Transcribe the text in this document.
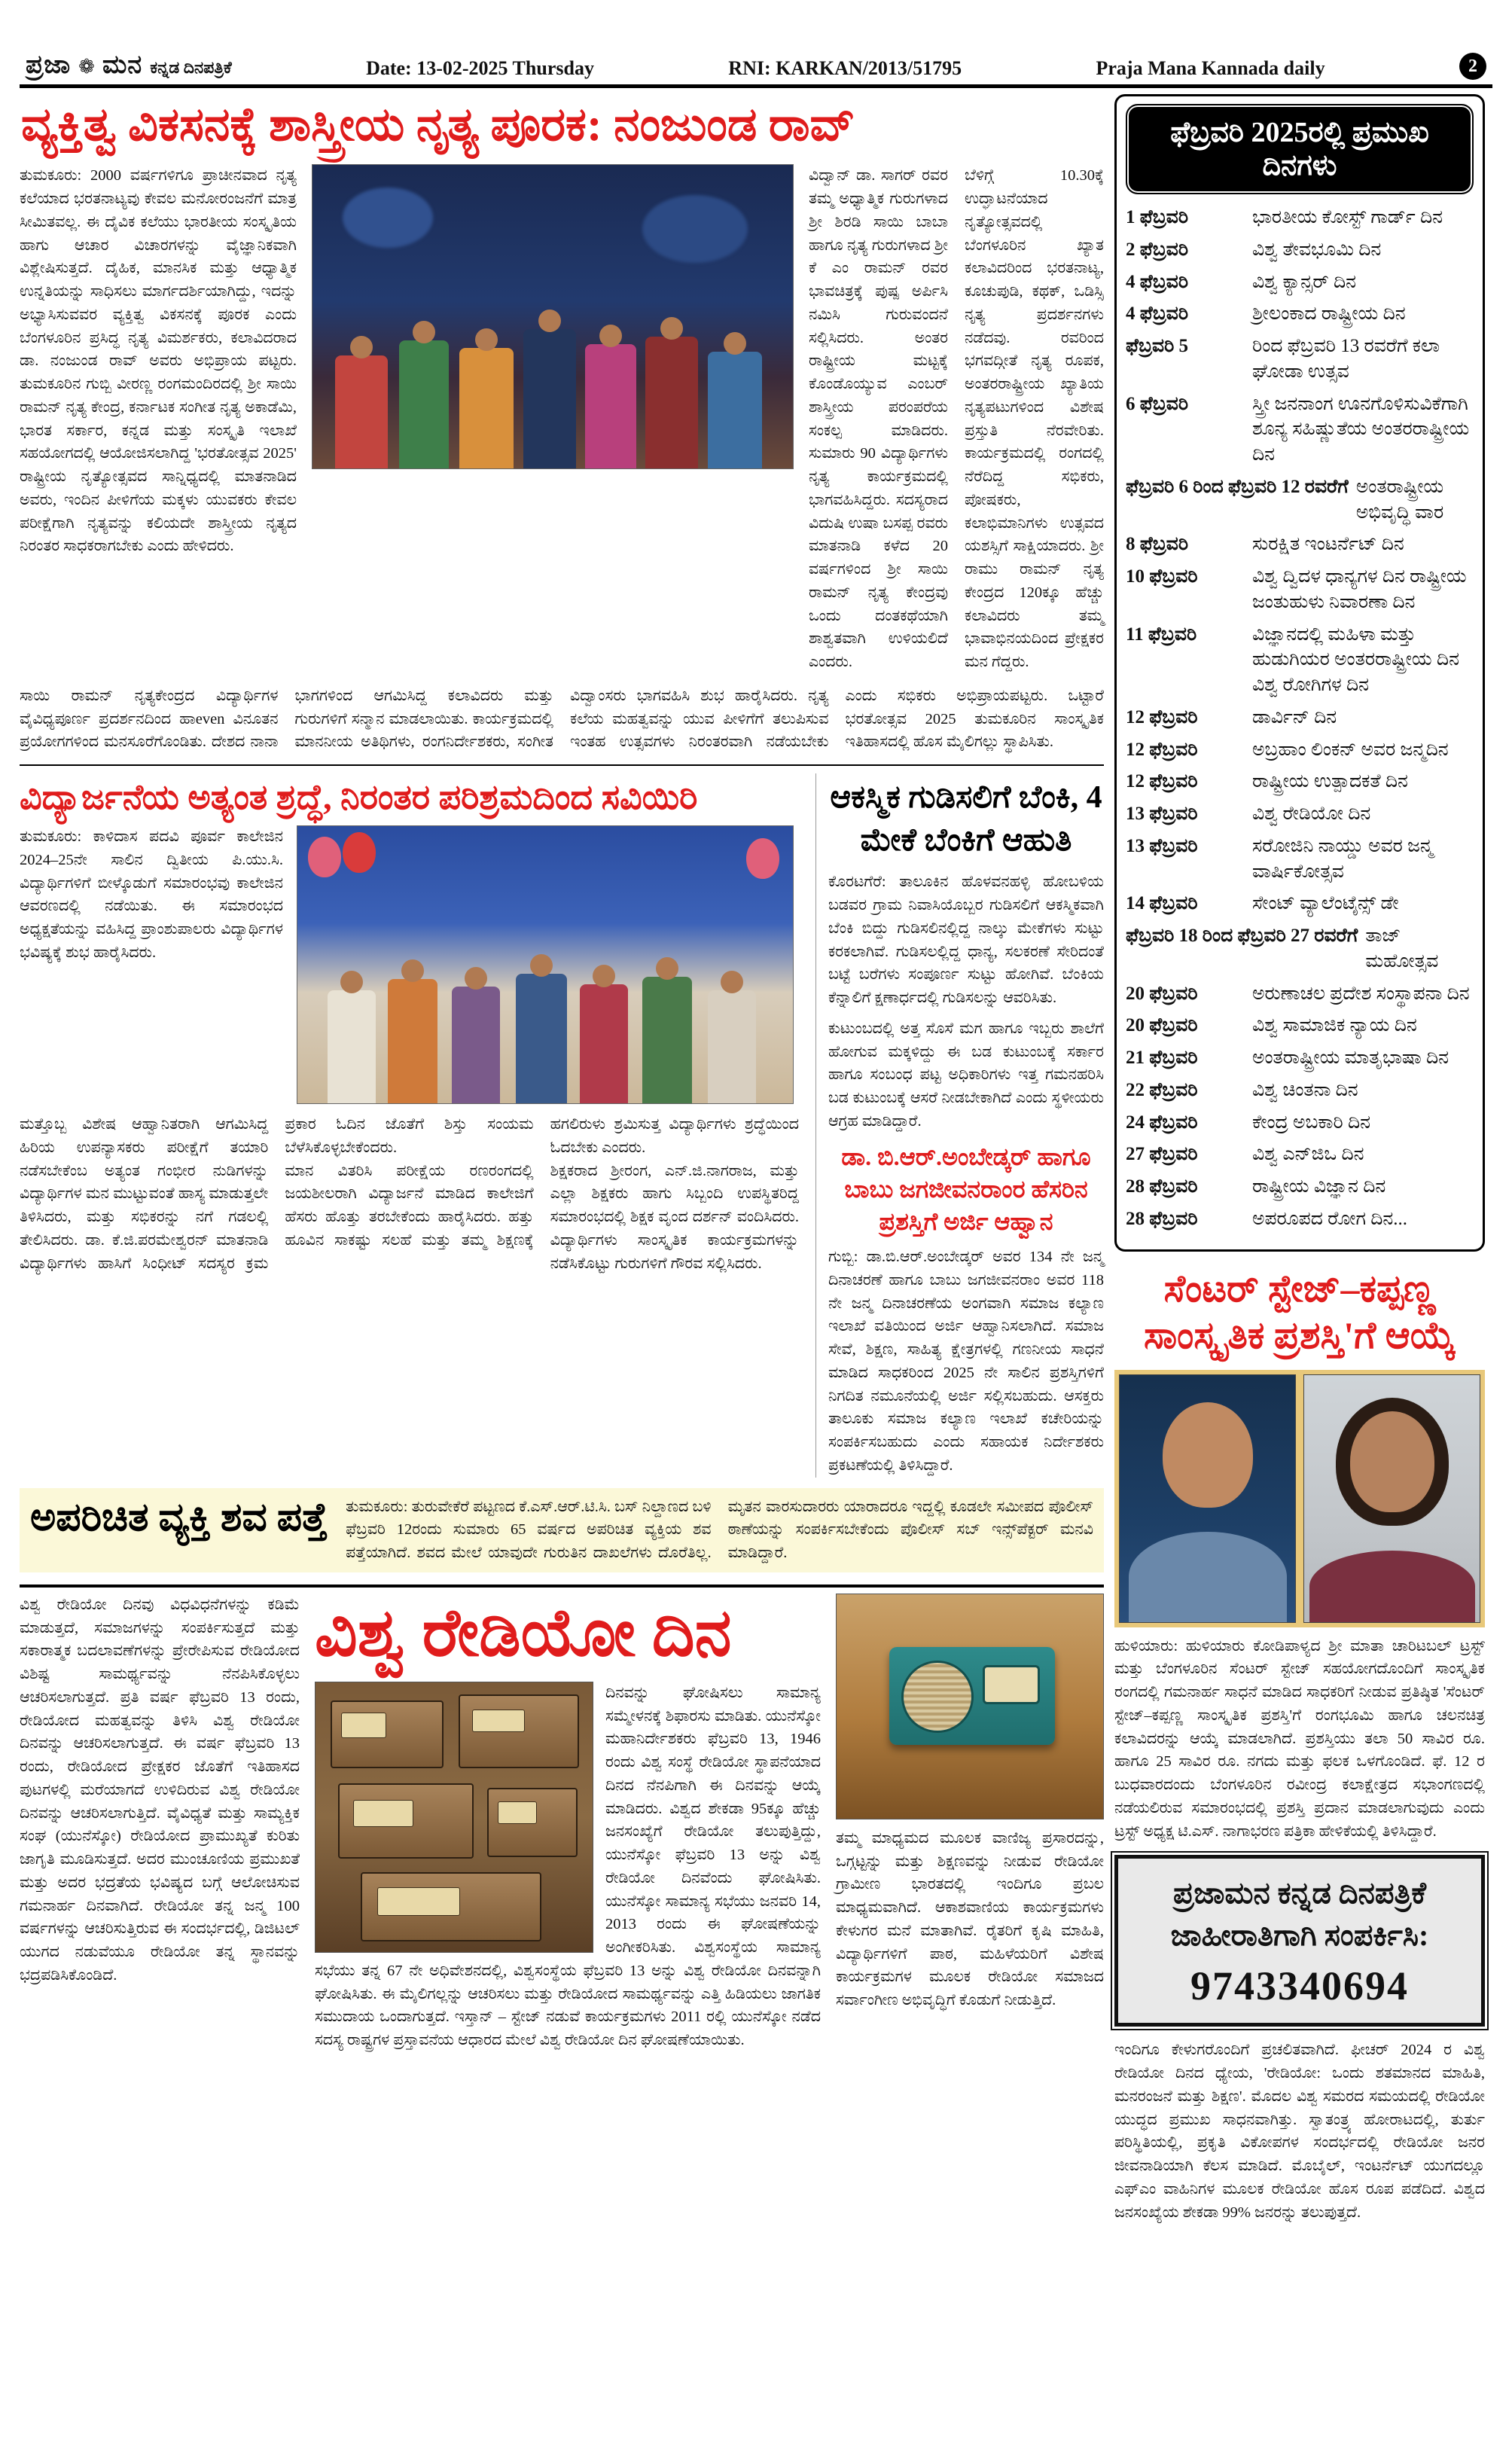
ಪ್ರಜಾ ❁ ಮನ ಕನ್ನಡ ದಿನಪತ್ರಿಕೆ	Date: 13-02-2025 Thursday	RNI: KARKAN/2013/51795	Praja Mana Kannada daily	2
ವ್ಯಕ್ತಿತ್ವ ವಿಕಸನಕ್ಕೆ ಶಾಸ್ತ್ರೀಯ ನೃತ್ಯ ಪೂರಕ: ನಂಜುಂಡ ರಾವ್
ತುಮಕೂರು: 2000 ವರ್ಷಗಳಿಗೂ ಪ್ರಾಚೀನವಾದ ನೃತ್ಯ ಕಲೆಯಾದ ಭರತನಾಟ್ಯವು ಕೇವಲ ಮನೋರಂಜನೆಗೆ ಮಾತ್ರ ಸೀಮಿತವಲ್ಲ. ಈ ದೈವಿಕ ಕಲೆಯು ಭಾರತೀಯ ಸಂಸ್ಕೃತಿಯ ಹಾಗು ಆಚಾರ ವಿಚಾರಗಳನ್ನು ವೈಜ್ಞಾನಿಕವಾಗಿ ವಿಶ್ಲೇಷಿಸುತ್ತದೆ. ದೈಹಿಕ, ಮಾನಸಿಕ ಮತ್ತು ಆಧ್ಯಾತ್ಮಿಕ ಉನ್ನತಿಯನ್ನು ಸಾಧಿಸಲು ಮಾರ್ಗದರ್ಶಿಯಾಗಿದ್ದು, ಇದನ್ನು ಅಭ್ಯಾಸಿಸುವವರ ವ್ಯಕ್ತಿತ್ವ ವಿಕಸನಕ್ಕೆ ಪೂರಕ ಎಂದು ಬೆಂಗಳೂರಿನ ಪ್ರಸಿದ್ಧ ನೃತ್ಯ ವಿಮರ್ಶಕರು, ಕಲಾವಿದರಾದ ಡಾ. ನಂಜುಂಡ ರಾವ್ ಅವರು ಅಭಿಪ್ರಾಯ ಪಟ್ಟರು. ತುಮಕೂರಿನ ಗುಬ್ಬಿ ವೀರಣ್ಣ ರಂಗಮಂದಿರದಲ್ಲಿ ಶ್ರೀ ಸಾಯಿ ರಾಮನ್ ನೃತ್ಯ ಕೇಂದ್ರ, ಕರ್ನಾಟಕ ಸಂಗೀತ ನೃತ್ಯ ಅಕಾಡೆಮಿ, ಭಾರತ ಸರ್ಕಾರ, ಕನ್ನಡ ಮತ್ತು ಸಂಸ್ಕೃತಿ ಇಲಾಖೆ ಸಹಯೋಗದಲ್ಲಿ ಆಯೋಜಿಸಲಾಗಿದ್ದ 'ಭರತೋತ್ಸವ 2025' ರಾಷ್ಟ್ರೀಯ ನೃತ್ಯೋತ್ಸವದ ಸಾನ್ನಿಧ್ಯದಲ್ಲಿ ಮಾತನಾಡಿದ ಅವರು, ಇಂದಿನ ಪೀಳಿಗೆಯ ಮಕ್ಕಳು ಯುವಕರು ಕೇವಲ ಪರೀಕ್ಷೆಗಾಗಿ ನೃತ್ಯವನ್ನು ಕಲಿಯದೇ ಶಾಸ್ತ್ರೀಯ ನೃತ್ಯದ ನಿರಂತರ ಸಾಧಕರಾಗಬೇಕು ಎಂದು ಹೇಳಿದರು.

ವಿದ್ವಾನ್ ಡಾ. ಸಾಗರ್ ರವರ ತಮ್ಮ ಅಧ್ಯಾತ್ಮಿಕ ಗುರುಗಳಾದ ಶ್ರೀ ಶಿರಡಿ ಸಾಯಿ ಬಾಬಾ ಹಾಗೂ ನೃತ್ಯ ಗುರುಗಳಾದ ಶ್ರೀ ಕೆ ಎಂ ರಾಮನ್ ರವರ ಭಾವಚಿತ್ರಕ್ಕೆ ಪುಷ್ಪ ಅರ್ಪಿಸಿ ನಮಿಸಿ ಗುರುವಂದನೆ ಸಲ್ಲಿಸಿದರು. ಅಂತರ ರಾಷ್ಟ್ರೀಯ ಮಟ್ಟಕ್ಕೆ ಕೊಂಡೊಯ್ಯುವ ಎಂಬರ್ ಶಾಸ್ತ್ರೀಯ ಪರಂಪರೆಯ ಸಂಕಲ್ಪ ಮಾಡಿದರು. ಸುಮಾರು 90 ವಿದ್ಯಾರ್ಥಿಗಳು ನೃತ್ಯ ಕಾರ್ಯಕ್ರಮದಲ್ಲಿ ಭಾಗವಹಿಸಿದ್ದರು. ಸದಸ್ಯರಾದ ವಿದುಷಿ ಉಷಾ ಬಸಪ್ಪ ರವರು ಮಾತನಾಡಿ ಕಳೆದ 20 ವರ್ಷಗಳಿಂದ ಶ್ರೀ ಸಾಯಿ ರಾಮನ್ ನೃತ್ಯ ಕೇಂದ್ರವು ಒಂದು ದಂತಕಥೆಯಾಗಿ ಶಾಶ್ವತವಾಗಿ ಉಳಿಯಲಿದೆ ಎಂದರು.

ಬೆಳಿಗ್ಗೆ 10.30ಕ್ಕೆ ಉದ್ಘಾಟನೆಯಾದ ನೃತ್ಯೋತ್ಸವದಲ್ಲಿ ಬೆಂಗಳೂರಿನ ಖ್ಯಾತ ಕಲಾವಿದರಿಂದ ಭರತನಾಟ್ಯ, ಕೂಚುಪುಡಿ, ಕಥಕ್, ಒಡಿಸ್ಸಿ ನೃತ್ಯ ಪ್ರದರ್ಶನಗಳು ನಡೆದವು. ರವರಿಂದ ಭಗವದ್ಗೀತೆ ನೃತ್ಯ ರೂಪಕ, ಅಂತರರಾಷ್ಟ್ರೀಯ ಖ್ಯಾತಿಯ ನೃತ್ಯಪಟುಗಳಿಂದ ವಿಶೇಷ ಪ್ರಸ್ತುತಿ ನೆರವೇರಿತು. ಕಾರ್ಯಕ್ರಮದಲ್ಲಿ ರಂಗದಲ್ಲಿ ನೆರೆದಿದ್ದ ಸಭಿಕರು, ಪೋಷಕರು, ಕಲಾಭಿಮಾನಿಗಳು ಉತ್ಸವದ ಯಶಸ್ಸಿಗೆ ಸಾಕ್ಷಿಯಾದರು. ಶ್ರೀ ರಾಮು ರಾಮನ್ ನೃತ್ಯ ಕೇಂದ್ರದ 120ಕ್ಕೂ ಹೆಚ್ಚು ಕಲಾವಿದರು ತಮ್ಮ ಭಾವಾಭಿನಯದಿಂದ ಪ್ರೇಕ್ಷಕರ ಮನ ಗೆದ್ದರು.

ಸಾಯಿ ರಾಮನ್ ನೃತ್ಯಕೇಂದ್ರದ ವಿದ್ಯಾರ್ಥಿಗಳ ವೈವಿಧ್ಯಪೂರ್ಣ ಪ್ರದರ್ಶನದಿಂದ ಹಾeven ವಿನೂತನ ಪ್ರಯೋಗಗಳಿಂದ ಮನಸೂರೆಗೊಂಡಿತು. ದೇಶದ ನಾನಾ ಭಾಗಗಳಿಂದ ಆಗಮಿಸಿದ್ದ ಕಲಾವಿದರು ಮತ್ತು ಗುರುಗಳಿಗೆ ಸನ್ಮಾನ ಮಾಡಲಾಯಿತು. ಕಾರ್ಯಕ್ರಮದಲ್ಲಿ ಮಾನನೀಯ ಅತಿಥಿಗಳು, ರಂಗನಿರ್ದೇಶಕರು, ಸಂಗೀತ ವಿದ್ವಾಂಸರು ಭಾಗವಹಿಸಿ ಶುಭ ಹಾರೈಸಿದರು. ನೃತ್ಯ ಕಲೆಯ ಮಹತ್ವವನ್ನು ಯುವ ಪೀಳಿಗೆಗೆ ತಲುಪಿಸುವ ಇಂತಹ ಉತ್ಸವಗಳು ನಿರಂತರವಾಗಿ ನಡೆಯಬೇಕು ಎಂದು ಸಭಿಕರು ಅಭಿಪ್ರಾಯಪಟ್ಟರು. ಒಟ್ಟಾರೆ ಭರತೋತ್ಸವ 2025 ತುಮಕೂರಿನ ಸಾಂಸ್ಕೃತಿಕ ಇತಿಹಾಸದಲ್ಲಿ ಹೊಸ ಮೈಲಿಗಲ್ಲು ಸ್ಥಾಪಿಸಿತು.
ವಿದ್ಯಾರ್ಜನೆಯ ಅತ್ಯಂತ ಶ್ರದ್ಧೆ, ನಿರಂತರ ಪರಿಶ್ರಮದಿಂದ ಸವಿಯಿರಿ
ತುಮಕೂರು: ಕಾಳಿದಾಸ ಪದವಿ ಪೂರ್ವ ಕಾಲೇಜಿನ 2024–25ನೇ ಸಾಲಿನ ದ್ವಿತೀಯ ಪಿ.ಯು.ಸಿ. ವಿದ್ಯಾರ್ಥಿಗಳಿಗೆ ಬೀಳ್ಕೊಡುಗೆ ಸಮಾರಂಭವು ಕಾಲೇಜಿನ ಆವರಣದಲ್ಲಿ ನಡೆಯಿತು. ಈ ಸಮಾರಂಭದ ಅಧ್ಯಕ್ಷತೆಯನ್ನು ವಹಿಸಿದ್ದ ಪ್ರಾಂಶುಪಾಲರು ವಿದ್ಯಾರ್ಥಿಗಳ ಭವಿಷ್ಯಕ್ಕೆ ಶುಭ ಹಾರೈಸಿದರು.

ಮತ್ತೊಬ್ಬ ವಿಶೇಷ ಆಹ್ವಾನಿತರಾಗಿ ಆಗಮಿಸಿದ್ದ ಹಿರಿಯ ಉಪನ್ಯಾಸಕರು ಪರೀಕ್ಷೆಗೆ ತಯಾರಿ ನಡೆಸಬೇಕೆಂಬ ಅತ್ಯಂತ ಗಂಭೀರ ನುಡಿಗಳನ್ನು ವಿದ್ಯಾರ್ಥಿಗಳ ಮನ ಮುಟ್ಟುವಂತೆ ಹಾಸ್ಯ ಮಾಡುತ್ತಲೇ ತಿಳಿಸಿದರು, ಮತ್ತು ಸಭಿಕರನ್ನು ನಗೆ ಗಡಲಲ್ಲಿ ತೇಲಿಸಿದರು. ಡಾ. ಕೆ.ಜಿ.ಪರಮೇಶ್ವರನ್ ಮಾತನಾಡಿ ವಿದ್ಯಾರ್ಥಿಗಳು ಹಾಸಿಗೆ ಸಿಂಧೀಟ್ ಸದಸ್ಯರ ಕ್ರಮ ಪ್ರಕಾರ ಓದಿನ ಜೊತೆಗೆ ಶಿಸ್ತು ಸಂಯಮ ಬೆಳೆಸಿಕೊಳ್ಳಬೇಕೆಂದರು.

ಮಾನ ವಿತರಿಸಿ ಪರೀಕ್ಷೆಯ ರಣರಂಗದಲ್ಲಿ ಜಯಶೀಲರಾಗಿ ವಿದ್ಯಾರ್ಜನೆ ಮಾಡಿದ ಕಾಲೇಜಿಗೆ ಹೆಸರು ಹೊತ್ತು ತರಬೇಕೆಂದು ಹಾರೈಸಿದರು. ಹತ್ತು ಹೂವಿನ ಸಾಕಷ್ಟು ಸಲಹೆ ಮತ್ತು ತಮ್ಮ ಶಿಕ್ಷಣಕ್ಕೆ ಹಗಲಿರುಳು ಶ್ರಮಿಸುತ್ತ ವಿದ್ಯಾರ್ಥಿಗಳು ಶ್ರದ್ಧೆಯಿಂದ ಓದಬೇಕು ಎಂದರು.

ಶಿಕ್ಷಕರಾದ ಶ್ರೀರಂಗ, ಎನ್.ಜಿ.ನಾಗರಾಜ, ಮತ್ತು ಎಲ್ಲಾ ಶಿಕ್ಷಕರು ಹಾಗು ಸಿಬ್ಬಂದಿ ಉಪಸ್ಥಿತರಿದ್ದ ಸಮಾರಂಭದಲ್ಲಿ ಶಿಕ್ಷಕ ವೃಂದ ದರ್ಶನ್ ವಂದಿಸಿದರು. ವಿದ್ಯಾರ್ಥಿಗಳು ಸಾಂಸ್ಕೃತಿಕ ಕಾರ್ಯಕ್ರಮಗಳನ್ನು ನಡೆಸಿಕೊಟ್ಟು ಗುರುಗಳಿಗೆ ಗೌರವ ಸಲ್ಲಿಸಿದರು.

ಆಕಸ್ಮಿಕ ಗುಡಿಸಲಿಗೆ ಬೆಂಕಿ, 4 ಮೇಕೆ ಬೆಂಕಿಗೆ ಆಹುತಿ

ಕೊರಟಗೆರೆ: ತಾಲೂಕಿನ ಹೊಳವನಹಳ್ಳಿ ಹೋಬಳಿಯ ಬಡವರ ಗ್ರಾಮ ನಿವಾಸಿಯೊಬ್ಬರ ಗುಡಿಸಲಿಗೆ ಆಕಸ್ಮಿಕವಾಗಿ ಬೆಂಕಿ ಬಿದ್ದು ಗುಡಿಸಲಿನಲ್ಲಿದ್ದ ನಾಲ್ಕು ಮೇಕೆಗಳು ಸುಟ್ಟು ಕರಕಲಾಗಿವೆ. ಗುಡಿಸಲಲ್ಲಿದ್ದ ಧಾನ್ಯ, ಸಲಕರಣೆ ಸೇರಿದಂತೆ ಬಟ್ಟೆ ಬರೆಗಳು ಸಂಪೂರ್ಣ ಸುಟ್ಟು ಹೋಗಿವೆ. ಬೆಂಕಿಯ ಕೆನ್ನಾಲಿಗೆ ಕ್ಷಣಾರ್ಧದಲ್ಲಿ ಗುಡಿಸಲನ್ನು ಆವರಿಸಿತು.

ಕುಟುಂಬದಲ್ಲಿ ಅತ್ತ ಸೊಸೆ ಮಗ ಹಾಗೂ ಇಬ್ಬರು ಶಾಲೆಗೆ ಹೋಗುವ ಮಕ್ಕಳಿದ್ದು ಈ ಬಡ ಕುಟುಂಬಕ್ಕೆ ಸರ್ಕಾರ ಹಾಗೂ ಸಂಬಂಧ ಪಟ್ಟ ಅಧಿಕಾರಿಗಳು ಇತ್ತ ಗಮನಹರಿಸಿ ಬಡ ಕುಟುಂಬಕ್ಕೆ ಆಸರೆ ನೀಡಬೇಕಾಗಿದೆ ಎಂದು ಸ್ಥಳೀಯರು ಆಗ್ರಹ ಮಾಡಿದ್ದಾರೆ.

ಡಾ. ಬಿ.ಆರ್.ಅಂಬೇಡ್ಕರ್ ಹಾಗೂ ಬಾಬು ಜಗಜೀವನರಾಂರ ಹೆಸರಿನ ಪ್ರಶಸ್ತಿಗೆ ಅರ್ಜಿ ಆಹ್ವಾನ

ಗುಬ್ಬಿ: ಡಾ.ಬಿ.ಆರ್.ಅಂಬೇಡ್ಕರ್ ಅವರ 134 ನೇ ಜನ್ಮ ದಿನಾಚರಣೆ ಹಾಗೂ ಬಾಬು ಜಗಜೀವನರಾಂ ಅವರ 118 ನೇ ಜನ್ಮ ದಿನಾಚರಣೆಯ ಅಂಗವಾಗಿ ಸಮಾಜ ಕಲ್ಯಾಣ ಇಲಾಖೆ ವತಿಯಿಂದ ಅರ್ಜಿ ಆಹ್ವಾನಿಸಲಾಗಿದೆ. ಸಮಾಜ ಸೇವೆ, ಶಿಕ್ಷಣ, ಸಾಹಿತ್ಯ ಕ್ಷೇತ್ರಗಳಲ್ಲಿ ಗಣನೀಯ ಸಾಧನೆ ಮಾಡಿದ ಸಾಧಕರಿಂದ 2025 ನೇ ಸಾಲಿನ ಪ್ರಶಸ್ತಿಗಳಿಗೆ ನಿಗದಿತ ನಮೂನೆಯಲ್ಲಿ ಅರ್ಜಿ ಸಲ್ಲಿಸಬಹುದು. ಆಸಕ್ತರು ತಾಲೂಕು ಸಮಾಜ ಕಲ್ಯಾಣ ಇಲಾಖೆ ಕಚೇರಿಯನ್ನು ಸಂಪರ್ಕಿಸಬಹುದು ಎಂದು ಸಹಾಯಕ ನಿರ್ದೇಶಕರು ಪ್ರಕಟಣೆಯಲ್ಲಿ ತಿಳಿಸಿದ್ದಾರೆ.

ಅಪರಿಚಿತ ವ್ಯಕ್ತಿ ಶವ ಪತ್ತೆ ತುಮಕೂರು: ತುರುವೇಕೆರೆ ಪಟ್ಟಣದ ಕೆ.ಎಸ್.ಆರ್.ಟಿ.ಸಿ. ಬಸ್ ನಿಲ್ದಾಣದ ಬಳಿ ಫೆಬ್ರವರಿ 12ರಂದು ಸುಮಾರು 65 ವರ್ಷದ ಅಪರಿಚಿತ ವ್ಯಕ್ತಿಯ ಶವ ಪತ್ತೆಯಾಗಿದೆ. ಶವದ ಮೇಲೆ ಯಾವುದೇ ಗುರುತಿನ ದಾಖಲೆಗಳು ದೊರೆತಿಲ್ಲ. ಮೃತನ ವಾರಸುದಾರರು ಯಾರಾದರೂ ಇದ್ದಲ್ಲಿ ಕೂಡಲೇ ಸಮೀಪದ ಪೊಲೀಸ್ ಠಾಣೆಯನ್ನು ಸಂಪರ್ಕಿಸಬೇಕೆಂದು ಪೊಲೀಸ್ ಸಬ್ ಇನ್ಸ್‌ಪೆಕ್ಟರ್ ಮನವಿ ಮಾಡಿದ್ದಾರೆ.
ವಿಶ್ವ ರೇಡಿಯೋ ದಿನವು ವಿಧವಿಧನೆಗಳನ್ನು ಕಡಿಮೆ ಮಾಡುತ್ತದೆ, ಸಮಾಜಗಳನ್ನು ಸಂಪರ್ಕಿಸುತ್ತದೆ ಮತ್ತು ಸಕಾರಾತ್ಮಕ ಬದಲಾವಣೆಗಳನ್ನು ಪ್ರೇರೇಪಿಸುವ ರೇಡಿಯೋದ ವಿಶಿಷ್ಟ ಸಾಮರ್ಥ್ಯವನ್ನು ನೆನಪಿಸಿಕೊಳ್ಳಲು ಆಚರಿಸಲಾಗುತ್ತದೆ. ಪ್ರತಿ ವರ್ಷ ಫೆಬ್ರವರಿ 13 ರಂದು, ರೇಡಿಯೋದ ಮಹತ್ವವನ್ನು ತಿಳಿಸಿ ವಿಶ್ವ ರೇಡಿಯೋ ದಿನವನ್ನು ಆಚರಿಸಲಾಗುತ್ತದೆ. ಈ ವರ್ಷ ಫೆಬ್ರವರಿ 13 ರಂದು, ರೇಡಿಯೋದ ಪ್ರೇಕ್ಷಕರ ಜೊತೆಗೆ ಇತಿಹಾಸದ ಪುಟಗಳಲ್ಲಿ ಮರೆಯಾಗದೆ ಉಳಿದಿರುವ ವಿಶ್ವ ರೇಡಿಯೋ ದಿನವನ್ನು ಆಚರಿಸಲಾಗುತ್ತಿದೆ. ವೈವಿಧ್ಯತೆ ಮತ್ತು ಸಾಮ್ಯಕ್ತಿಕ ಸಂಘ (ಯುನೆಸ್ಕೋ) ರೇಡಿಯೋದ ಪ್ರಾಮುಖ್ಯತೆ ಕುರಿತು ಜಾಗೃತಿ ಮೂಡಿಸುತ್ತದೆ. ಅದರ ಮುಂಚೂಣಿಯ ಪ್ರಮುಖತೆ ಮತ್ತು ಅದರ ಭದ್ರತೆಯ ಭವಿಷ್ಯದ ಬಗ್ಗೆ ಆಲೋಚಿಸುವ ಗಮನಾರ್ಹ ದಿನವಾಗಿದೆ. ರೇಡಿಯೋ ತನ್ನ ಜನ್ಮ 100 ವರ್ಷಗಳನ್ನು ಆಚರಿಸುತ್ತಿರುವ ಈ ಸಂದರ್ಭದಲ್ಲಿ, ಡಿಜಿಟಲ್ ಯುಗದ ನಡುವೆಯೂ ರೇಡಿಯೋ ತನ್ನ ಸ್ಥಾನವನ್ನು ಭದ್ರಪಡಿಸಿಕೊಂಡಿದೆ.
ವಿಶ್ವ ರೇಡಿಯೋ ದಿನ
ದಿನವನ್ನು ಘೋಷಿಸಲು ಸಾಮಾನ್ಯ ಸಮ್ಮೇಳನಕ್ಕೆ ಶಿಫಾರಸು ಮಾಡಿತು. ಯುನೆಸ್ಕೋ ಮಹಾನಿರ್ದೇಶಕರು ಫೆಬ್ರವರಿ 13, 1946 ರಂದು ವಿಶ್ವ ಸಂಸ್ಥೆ ರೇಡಿಯೋ ಸ್ಥಾಪನೆಯಾದ ದಿನದ ನೆನಪಿಗಾಗಿ ಈ ದಿನವನ್ನು ಆಯ್ಕೆ ಮಾಡಿದರು. ವಿಶ್ವದ ಶೇಕಡಾ 95ಕ್ಕೂ ಹೆಚ್ಚು ಜನಸಂಖ್ಯೆಗೆ ರೇಡಿಯೋ ತಲುಪುತ್ತಿದ್ದು, ಯುನೆಸ್ಕೋ ಫೆಬ್ರವರಿ 13 ಅನ್ನು ವಿಶ್ವ ರೇಡಿಯೋ ದಿನವೆಂದು ಘೋಷಿಸಿತು. ಯುನೆಸ್ಕೋ ಸಾಮಾನ್ಯ ಸಭೆಯು ಜನವರಿ 14, 2013 ರಂದು ಈ ಘೋಷಣೆಯನ್ನು ಅಂಗೀಕರಿಸಿತು. ವಿಶ್ವಸಂಸ್ಥೆಯ ಸಾಮಾನ್ಯ ಸಭೆಯು ತನ್ನ 67 ನೇ ಅಧಿವೇಶನದಲ್ಲಿ, ವಿಶ್ವಸಂಸ್ಥೆಯ ಫೆಬ್ರವರಿ 13 ಅನ್ನು ವಿಶ್ವ ರೇಡಿಯೋ ದಿನವನ್ನಾಗಿ ಘೋಷಿಸಿತು. ಈ ಮೈಲಿಗಲ್ಲನ್ನು ಆಚರಿಸಲು ಮತ್ತು ರೇಡಿಯೋದ ಸಾಮರ್ಥ್ಯವನ್ನು ಎತ್ತಿ ಹಿಡಿಯಲು ಜಾಗತಿಕ ಸಮುದಾಯ ಒಂದಾಗುತ್ತದೆ. ಇಸ್ತಾನ್ – ಸ್ಟೇಜ್ ನಡುವೆ ಕಾರ್ಯಕ್ರಮಗಳು 2011 ರಲ್ಲಿ ಯುನೆಸ್ಕೋ ನಡೆದ ಸದಸ್ಯ ರಾಷ್ಟ್ರಗಳ ಪ್ರಸ್ತಾವನೆಯ ಆಧಾರದ ಮೇಲೆ ವಿಶ್ವ ರೇಡಿಯೋ ದಿನ ಘೋಷಣೆಯಾಯಿತು.
ತಮ್ಮ ಮಾಧ್ಯಮದ ಮೂಲಕ ವಾಣಿಜ್ಯ ಪ್ರಸಾರದನ್ನು, ಒಗ್ಗಟ್ಟನ್ನು ಮತ್ತು ಶಿಕ್ಷಣವನ್ನು ನೀಡುವ ರೇಡಿಯೋ ಗ್ರಾಮೀಣ ಭಾರತದಲ್ಲಿ ಇಂದಿಗೂ ಪ್ರಬಲ ಮಾಧ್ಯಮವಾಗಿದೆ. ಆಕಾಶವಾಣಿಯ ಕಾರ್ಯಕ್ರಮಗಳು ಕೇಳುಗರ ಮನೆ ಮಾತಾಗಿವೆ. ರೈತರಿಗೆ ಕೃಷಿ ಮಾಹಿತಿ, ವಿದ್ಯಾರ್ಥಿಗಳಿಗೆ ಪಾಠ, ಮಹಿಳೆಯರಿಗೆ ವಿಶೇಷ ಕಾರ್ಯಕ್ರಮಗಳ ಮೂಲಕ ರೇಡಿಯೋ ಸಮಾಜದ ಸರ್ವಾಂಗೀಣ ಅಭಿವೃದ್ಧಿಗೆ ಕೊಡುಗೆ ನೀಡುತ್ತಿದೆ.
ಫೆಬ್ರವರಿ 2025ರಲ್ಲಿ ಪ್ರಮುಖ ದಿನಗಳು
1 ಫೆಬ್ರವರಿ	ಭಾರತೀಯ ಕೋಸ್ಟ್ ಗಾರ್ಡ್ ದಿನ
2 ಫೆಬ್ರವರಿ	ವಿಶ್ವ ತೇವಭೂಮಿ ದಿನ
4 ಫೆಬ್ರವರಿ	ವಿಶ್ವ ಕ್ಯಾನ್ಸರ್ ದಿನ
4 ಫೆಬ್ರವರಿ	ಶ್ರೀಲಂಕಾದ ರಾಷ್ಟ್ರೀಯ ದಿನ
ಫೆಬ್ರವರಿ 5	ರಿಂದ ಫೆಬ್ರವರಿ 13 ರವರೆಗೆ ಕಲಾ ಘೋಡಾ ಉತ್ಸವ
6 ಫೆಬ್ರವರಿ	ಸ್ತ್ರೀ ಜನನಾಂಗ ಊನಗೊಳಿಸುವಿಕೆಗಾಗಿ ಶೂನ್ಯ ಸಹಿಷ್ಣುತೆಯ ಅಂತರರಾಷ್ಟ್ರೀಯ ದಿನ
ಫೆಬ್ರವರಿ 6 ರಿಂದ ಫೆಬ್ರವರಿ 12 ರವರೆಗೆ ಅಂತರಾಷ್ಟ್ರೀಯ ಅಭಿವೃದ್ಧಿ ವಾರ
8 ಫೆಬ್ರವರಿ	ಸುರಕ್ಷಿತ ಇಂಟರ್ನೆಟ್ ದಿನ
10 ಫೆಬ್ರವರಿ	ವಿಶ್ವ ದ್ವಿದಳ ಧಾನ್ಯಗಳ ದಿನ ರಾಷ್ಟ್ರೀಯ ಜಂತುಹುಳು ನಿವಾರಣಾ ದಿನ
11 ಫೆಬ್ರವರಿ	ವಿಜ್ಞಾನದಲ್ಲಿ ಮಹಿಳಾ ಮತ್ತು ಹುಡುಗಿಯರ ಅಂತರರಾಷ್ಟ್ರೀಯ ದಿನ ವಿಶ್ವ ರೋಗಿಗಳ ದಿನ
12 ಫೆಬ್ರವರಿ	ಡಾರ್ವಿನ್ ದಿನ
12 ಫೆಬ್ರವರಿ	ಅಬ್ರಹಾಂ ಲಿಂಕನ್ ಅವರ ಜನ್ಮದಿನ
12 ಫೆಬ್ರವರಿ	ರಾಷ್ಟ್ರೀಯ ಉತ್ಪಾದಕತೆ ದಿನ
13 ಫೆಬ್ರವರಿ	ವಿಶ್ವ ರೇಡಿಯೋ ದಿನ
13 ಫೆಬ್ರವರಿ	ಸರೋಜಿನಿ ನಾಯ್ಡು ಅವರ ಜನ್ಮ ವಾರ್ಷಿಕೋತ್ಸವ
14 ಫೆಬ್ರವರಿ	ಸೇಂಟ್ ವ್ಯಾಲೆಂಟೈನ್ಸ್ ಡೇ
ಫೆಬ್ರವರಿ 18 ರಿಂದ ಫೆಬ್ರವರಿ 27 ರವರೆಗೆ ತಾಜ್ ಮಹೋತ್ಸವ
20 ಫೆಬ್ರವರಿ	ಅರುಣಾಚಲ ಪ್ರದೇಶ ಸಂಸ್ಥಾಪನಾ ದಿನ
20 ಫೆಬ್ರವರಿ	ವಿಶ್ವ ಸಾಮಾಜಿಕ ನ್ಯಾಯ ದಿನ
21 ಫೆಬ್ರವರಿ	ಅಂತರಾಷ್ಟ್ರೀಯ ಮಾತೃಭಾಷಾ ದಿನ
22 ಫೆಬ್ರವರಿ	ವಿಶ್ವ ಚಿಂತನಾ ದಿನ
24 ಫೆಬ್ರವರಿ	ಕೇಂದ್ರ ಅಬಕಾರಿ ದಿನ
27 ಫೆಬ್ರವರಿ	ವಿಶ್ವ ಎನ್‌ಜಿಒ ದಿನ
28 ಫೆಬ್ರವರಿ	ರಾಷ್ಟ್ರೀಯ ವಿಜ್ಞಾನ ದಿನ
28 ಫೆಬ್ರವರಿ	ಅಪರೂಪದ ರೋಗ ದಿನ...
ಸೆಂಟರ್ ಸ್ಟೇಜ್–ಕಪ್ಪಣ್ಣ ಸಾಂಸ್ಕೃತಿಕ ಪ್ರಶಸ್ತಿ'ಗೆ ಆಯ್ಕೆ

ಹುಳಿಯಾರು: ಹುಳಿಯಾರು ಕೋಡಿಪಾಳ್ಯದ ಶ್ರೀ ಮಾತಾ ಚಾರಿಟಬಲ್ ಟ್ರಸ್ಟ್ ಮತ್ತು ಬೆಂಗಳೂರಿನ ಸೆಂಟರ್ ಸ್ಟೇಜ್ ಸಹಯೋಗದೊಂದಿಗೆ ಸಾಂಸ್ಕೃತಿಕ ರಂಗದಲ್ಲಿ ಗಮನಾರ್ಹ ಸಾಧನೆ ಮಾಡಿದ ಸಾಧಕರಿಗೆ ನೀಡುವ ಪ್ರತಿಷ್ಠಿತ 'ಸೆಂಟರ್ ಸ್ಟೇಜ್–ಕಪ್ಪಣ್ಣ ಸಾಂಸ್ಕೃತಿಕ ಪ್ರಶಸ್ತಿ'ಗೆ ರಂಗಭೂಮಿ ಹಾಗೂ ಚಲನಚಿತ್ರ ಕಲಾವಿದರನ್ನು ಆಯ್ಕೆ ಮಾಡಲಾಗಿದೆ. ಪ್ರಶಸ್ತಿಯು ತಲಾ 50 ಸಾವಿರ ರೂ. ಹಾಗೂ 25 ಸಾವಿರ ರೂ. ನಗದು ಮತ್ತು ಫಲಕ ಒಳಗೊಂಡಿದೆ. ಫೆ. 12 ರ ಬುಧವಾರದಂದು ಬೆಂಗಳೂರಿನ ರವೀಂದ್ರ ಕಲಾಕ್ಷೇತ್ರದ ಸಭಾಂಗಣದಲ್ಲಿ ನಡೆಯಲಿರುವ ಸಮಾರಂಭದಲ್ಲಿ ಪ್ರಶಸ್ತಿ ಪ್ರದಾನ ಮಾಡಲಾಗುವುದು ಎಂದು ಟ್ರಸ್ಟ್ ಅಧ್ಯಕ್ಷ ಟಿ.ಎಸ್. ನಾಗಾಭರಣ ಪತ್ರಿಕಾ ಹೇಳಿಕೆಯಲ್ಲಿ ತಿಳಿಸಿದ್ದಾರೆ.

ಪ್ರಜಾಮನ ಕನ್ನಡ ದಿನಪತ್ರಿಕೆ
ಜಾಹೀರಾತಿಗಾಗಿ ಸಂಪರ್ಕಿಸಿ:
9743340694

ಇಂದಿಗೂ ಕೇಳುಗರೊಂದಿಗೆ ಪ್ರಚಲಿತವಾಗಿದೆ. ಫೀಚರ್ 2024 ರ ವಿಶ್ವ ರೇಡಿಯೋ ದಿನದ ಧ್ಯೇಯ, 'ರೇಡಿಯೋ: ಒಂದು ಶತಮಾನದ ಮಾಹಿತಿ, ಮನರಂಜನೆ ಮತ್ತು ಶಿಕ್ಷಣ'. ಮೊದಲ ವಿಶ್ವ ಸಮರದ ಸಮಯದಲ್ಲಿ ರೇಡಿಯೋ ಯುದ್ಧದ ಪ್ರಮುಖ ಸಾಧನವಾಗಿತ್ತು. ಸ್ವಾತಂತ್ರ್ಯ ಹೋರಾಟದಲ್ಲಿ, ತುರ್ತು ಪರಿಸ್ಥಿತಿಯಲ್ಲಿ, ಪ್ರಕೃತಿ ವಿಕೋಪಗಳ ಸಂದರ್ಭದಲ್ಲಿ ರೇಡಿಯೋ ಜನರ ಜೀವನಾಡಿಯಾಗಿ ಕೆಲಸ ಮಾಡಿದೆ. ಮೊಬೈಲ್, ಇಂಟರ್ನೆಟ್ ಯುಗದಲ್ಲೂ ಎಫ್ಎಂ ವಾಹಿನಿಗಳ ಮೂಲಕ ರೇಡಿಯೋ ಹೊಸ ರೂಪ ಪಡೆದಿದೆ. ವಿಶ್ವದ ಜನಸಂಖ್ಯೆಯ ಶೇಕಡಾ 99% ಜನರನ್ನು ತಲುಪುತ್ತದೆ.
